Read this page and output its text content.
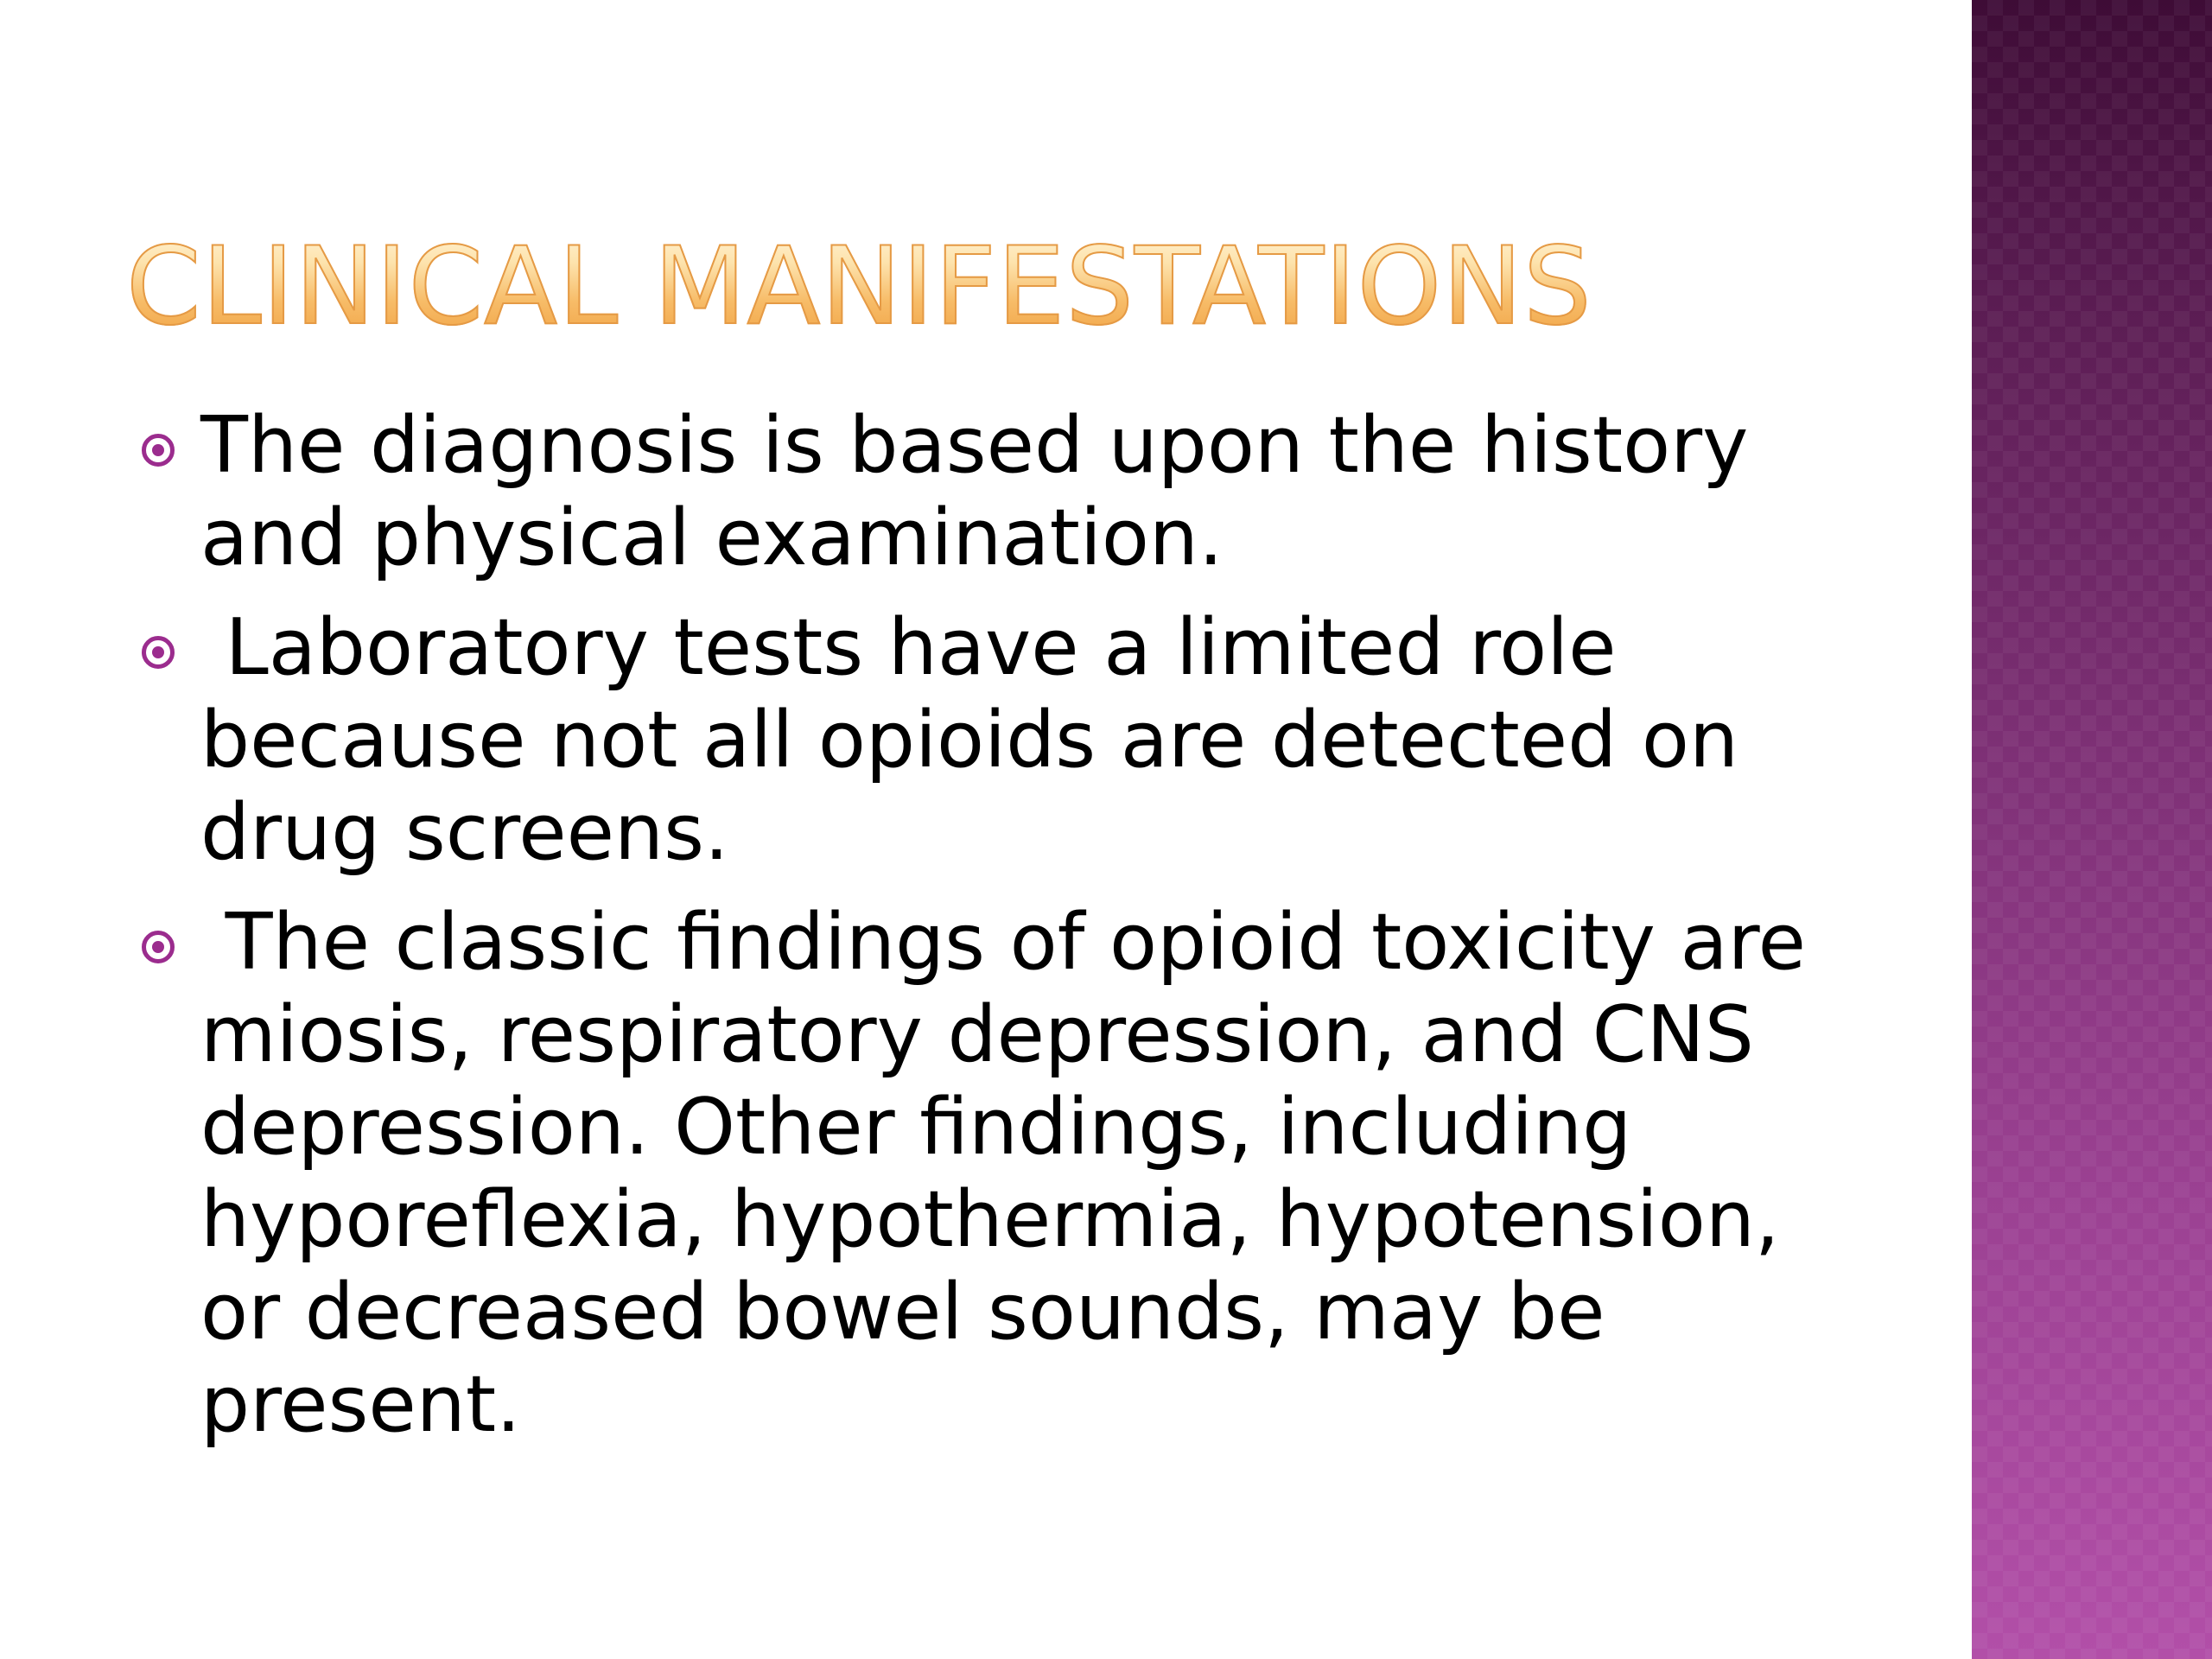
CLINICAL MANIFESTATIONS
The diagnosis is based upon the history and physical examination.
Laboratory tests have a limited role because not all opioids are detected on drug screens.
The classic findings of opioid toxicity are miosis, respiratory depression, and CNS depression. Other findings, including hyporeflexia, hypothermia, hypotension, or decreased bowel sounds, may be present.
